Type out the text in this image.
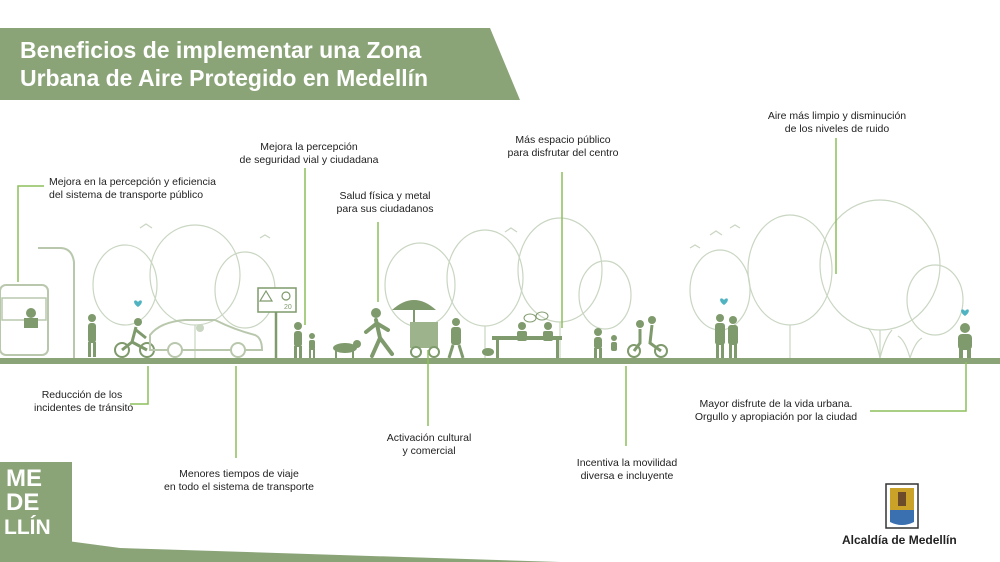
Beneficios de implementar una Zona
Urbana de Aire Protegido en Medellín
20
Mejora en la percepción y eficiencia
del sistema de transporte público
Mejora la percepción
de seguridad vial y ciudadana
Salud física y metal
para sus ciudadanos
Más espacio público
para disfrutar del centro
Aire más limpio y disminución
de los niveles de ruido
Reducción de los
incidentes de tránsito
Menores tiempos de viaje
en todo el sistema de transporte
Activación cultural
y comercial
Incentiva la movilidad
diversa e incluyente
Mayor disfrute de la vida urbana.
Orgullo y apropiación por la ciudad
ME
DE
LLÍN
Alcaldía de Medellín
